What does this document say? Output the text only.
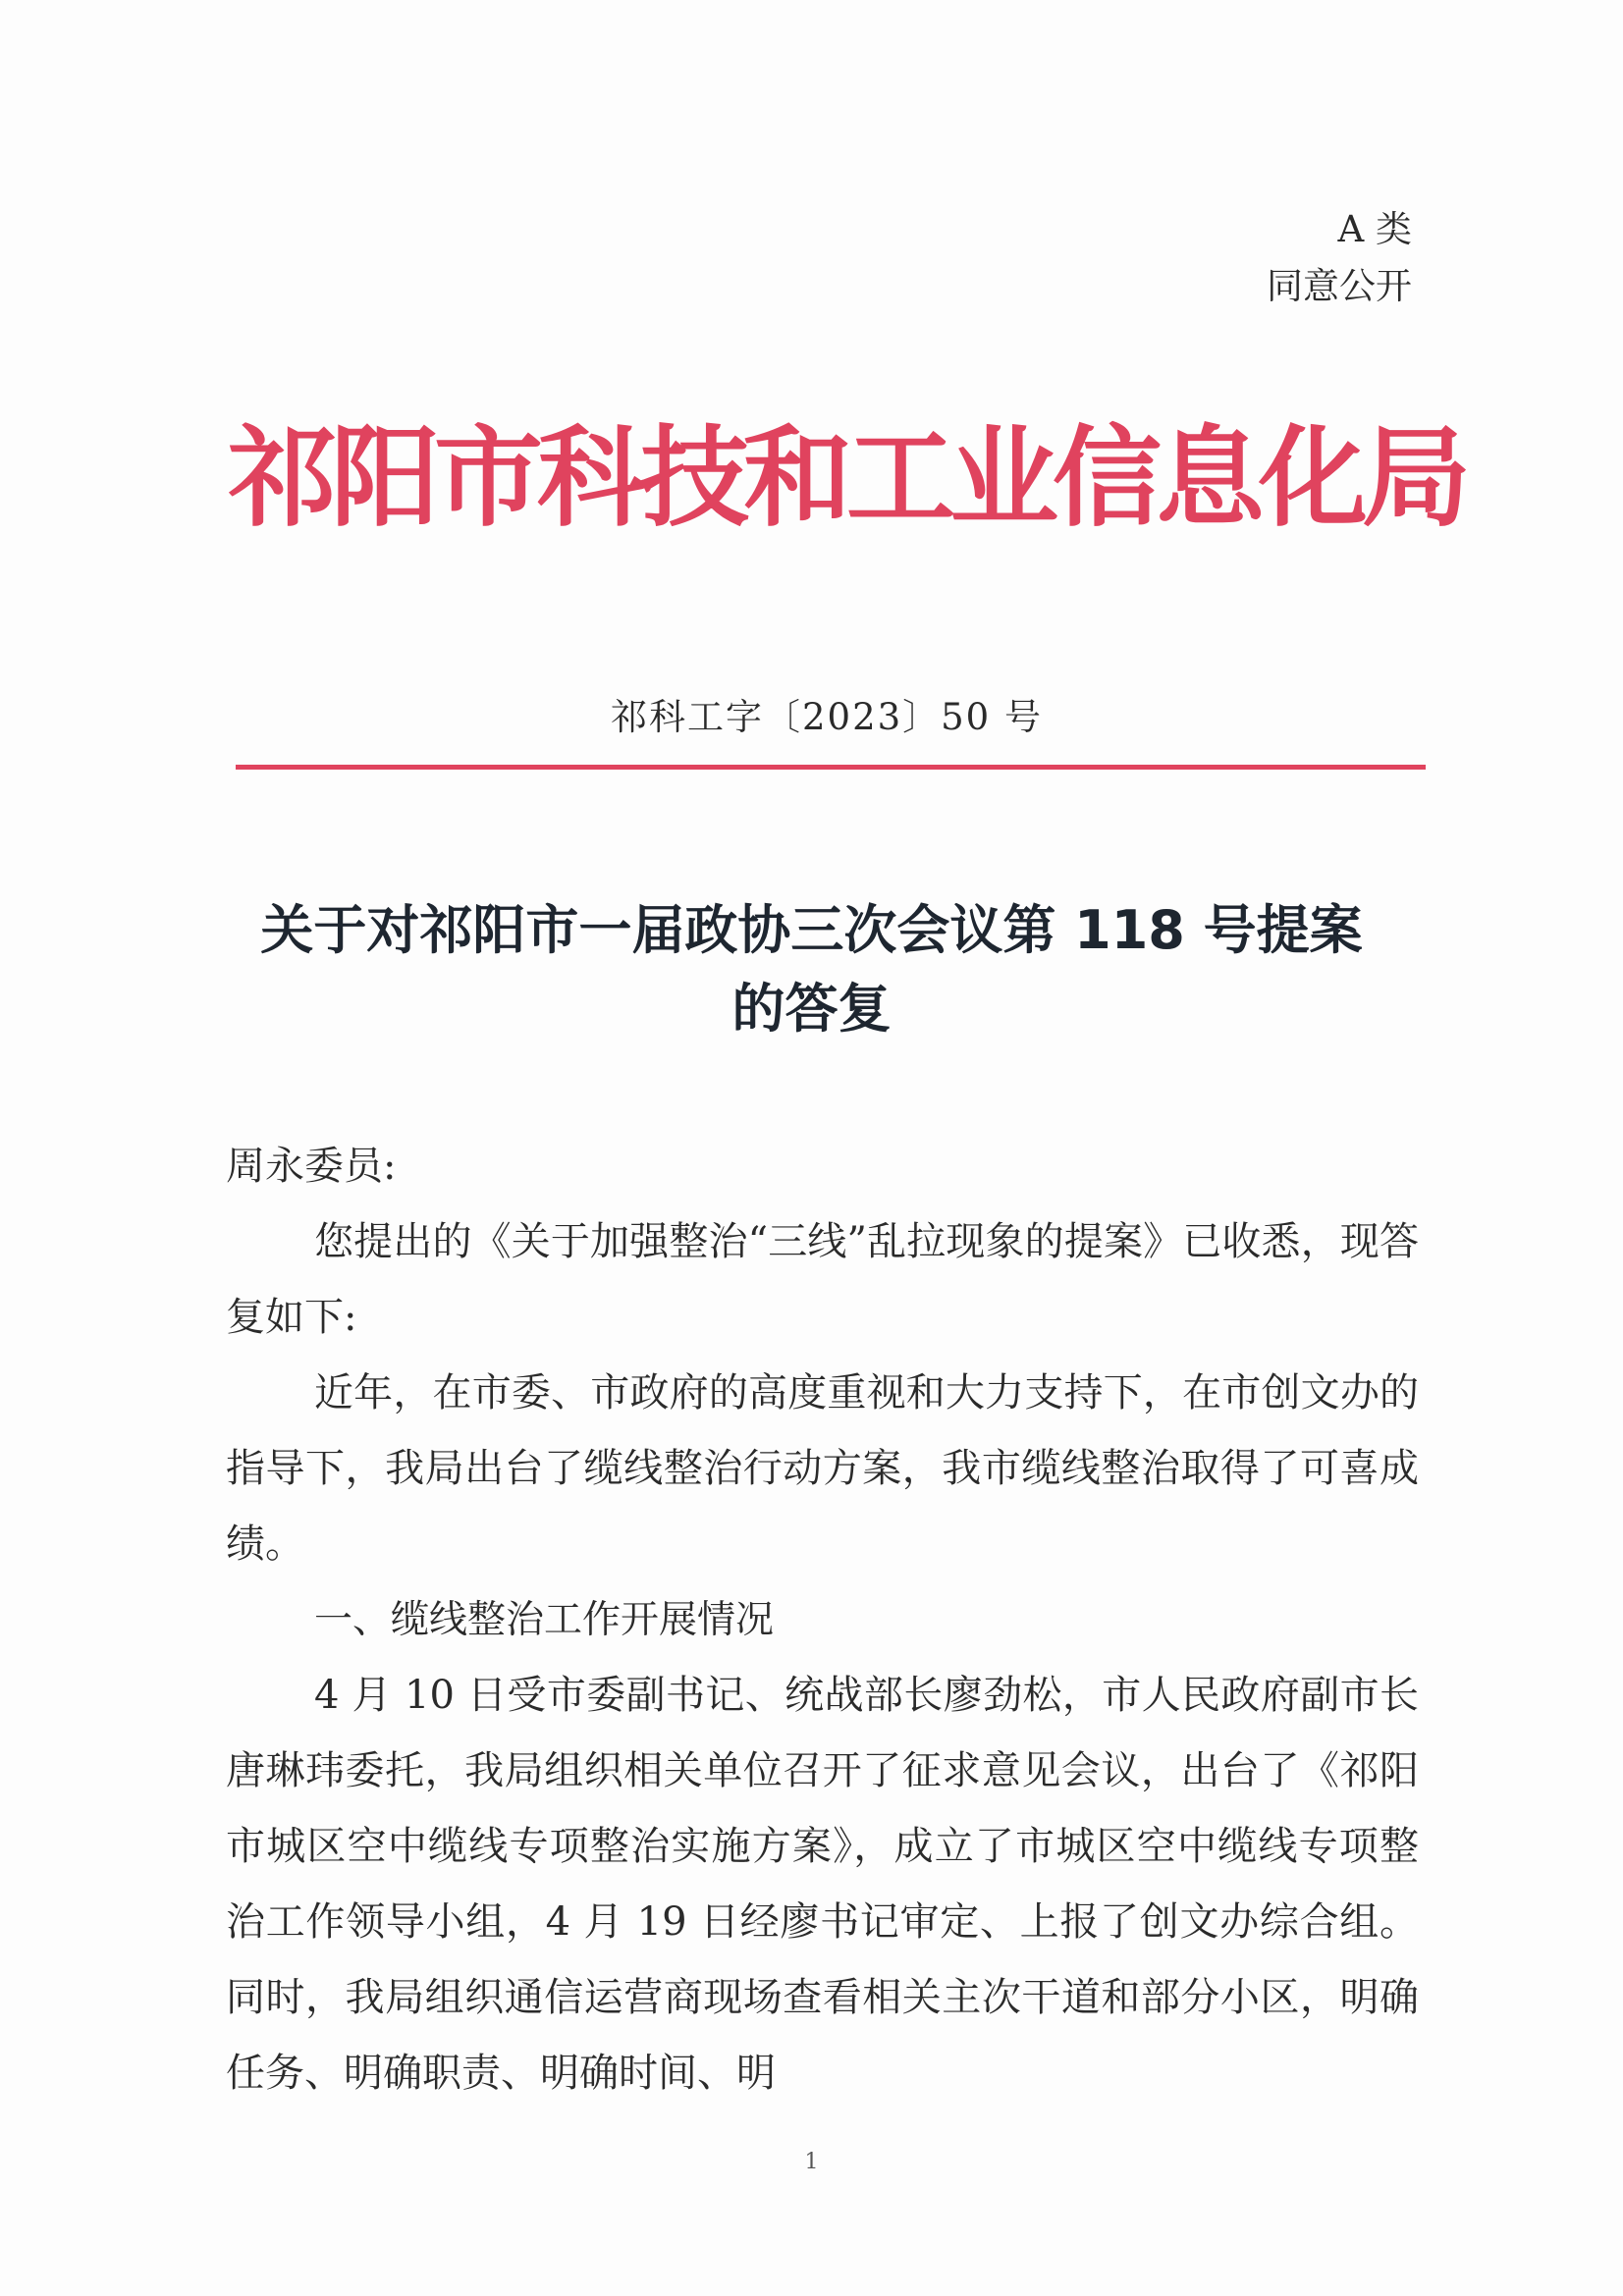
A 类
同意公开
祁阳市科技和工业信息化局
祁科工字〔2023〕50 号
关于对祁阳市一届政协三次会议第 118 号提案
的答复

周永委员:

您提出的《关于加强整治“三线”乱拉现象的提案》已收悉，现答复如下:

近年，在市委、市政府的高度重视和大力支持下，在市创文办的指导下，我局出台了缆线整治行动方案，我市缆线整治取得了可喜成绩。

一、缆线整治工作开展情况

4 月 10 日受市委副书记、统战部长廖劲松，市人民政府副市长唐琳玮委托，我局组织相关单位召开了征求意见会议，出台了《祁阳市城区空中缆线专项整治实施方案》，成立了市城区空中缆线专项整治工作领导小组，4 月 19 日经廖书记审定、上报了创文办综合组。同时，我局组织通信运营商现场查看相关主次干道和部分小区，明确任务、明确职责、明确时间、明

1
